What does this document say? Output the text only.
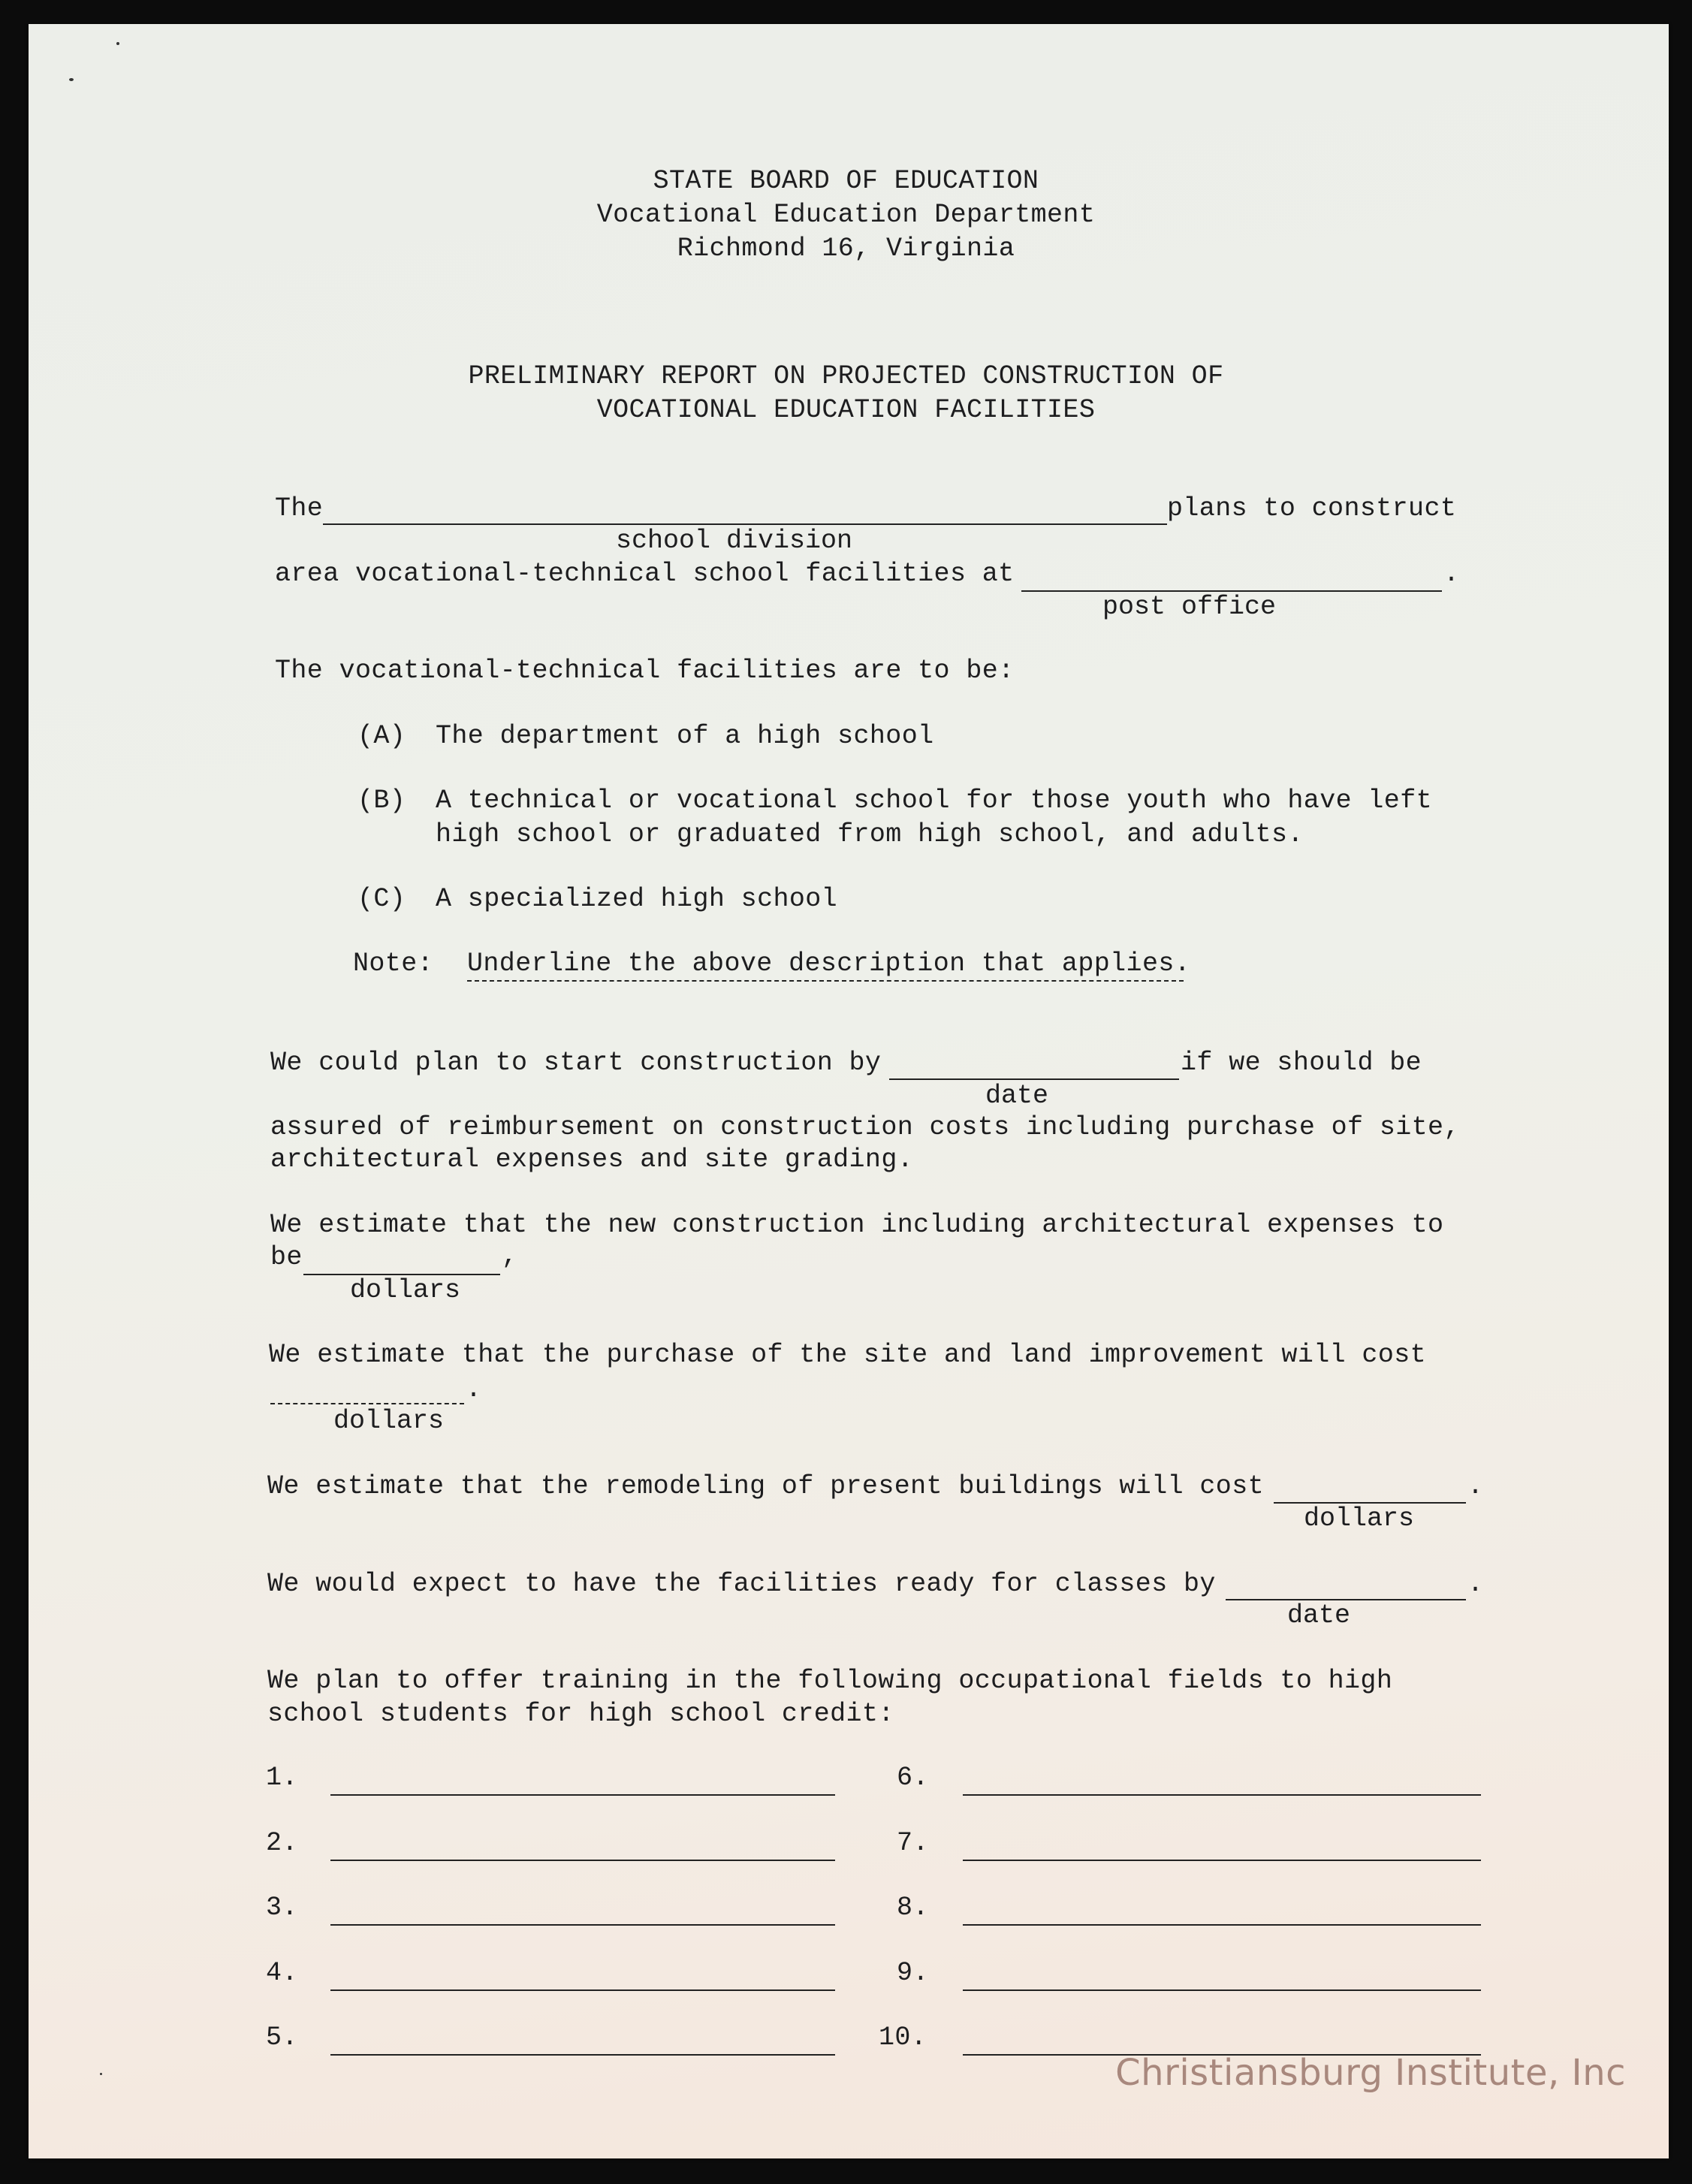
STATE BOARD OF EDUCATION
Vocational Education Department
Richmond 16, Virginia
PRELIMINARY REPORT ON PROJECTED CONSTRUCTION OF
VOCATIONAL EDUCATION FACILITIES
The	plans to construct
school division
area vocational-technical school facilities at	.
post office
The vocational-technical facilities are to be:
(A) The department of a high school
(B) A technical or vocational school for those youth who have left
high school or graduated from high school, and adults.
(C) A specialized high school
Note: Underline the above description that applies.
We could plan to start construction by	if we should be
date
assured of reimbursement on construction costs including purchase of site,
architectural expenses and site grading.
We estimate that the new construction including architectural expenses to
be	,
dollars
We estimate that the purchase of the site and land improvement will cost
.
dollars
We estimate that the remodeling of present buildings will cost	.
dollars
We would expect to have the facilities ready for classes by	.
date
We plan to offer training in the following occupational fields to high
school students for high school credit:
1.
2.
3.
4.
5.
6.
7.
8.
9.
10.
Christiansburg Institute, Inc
